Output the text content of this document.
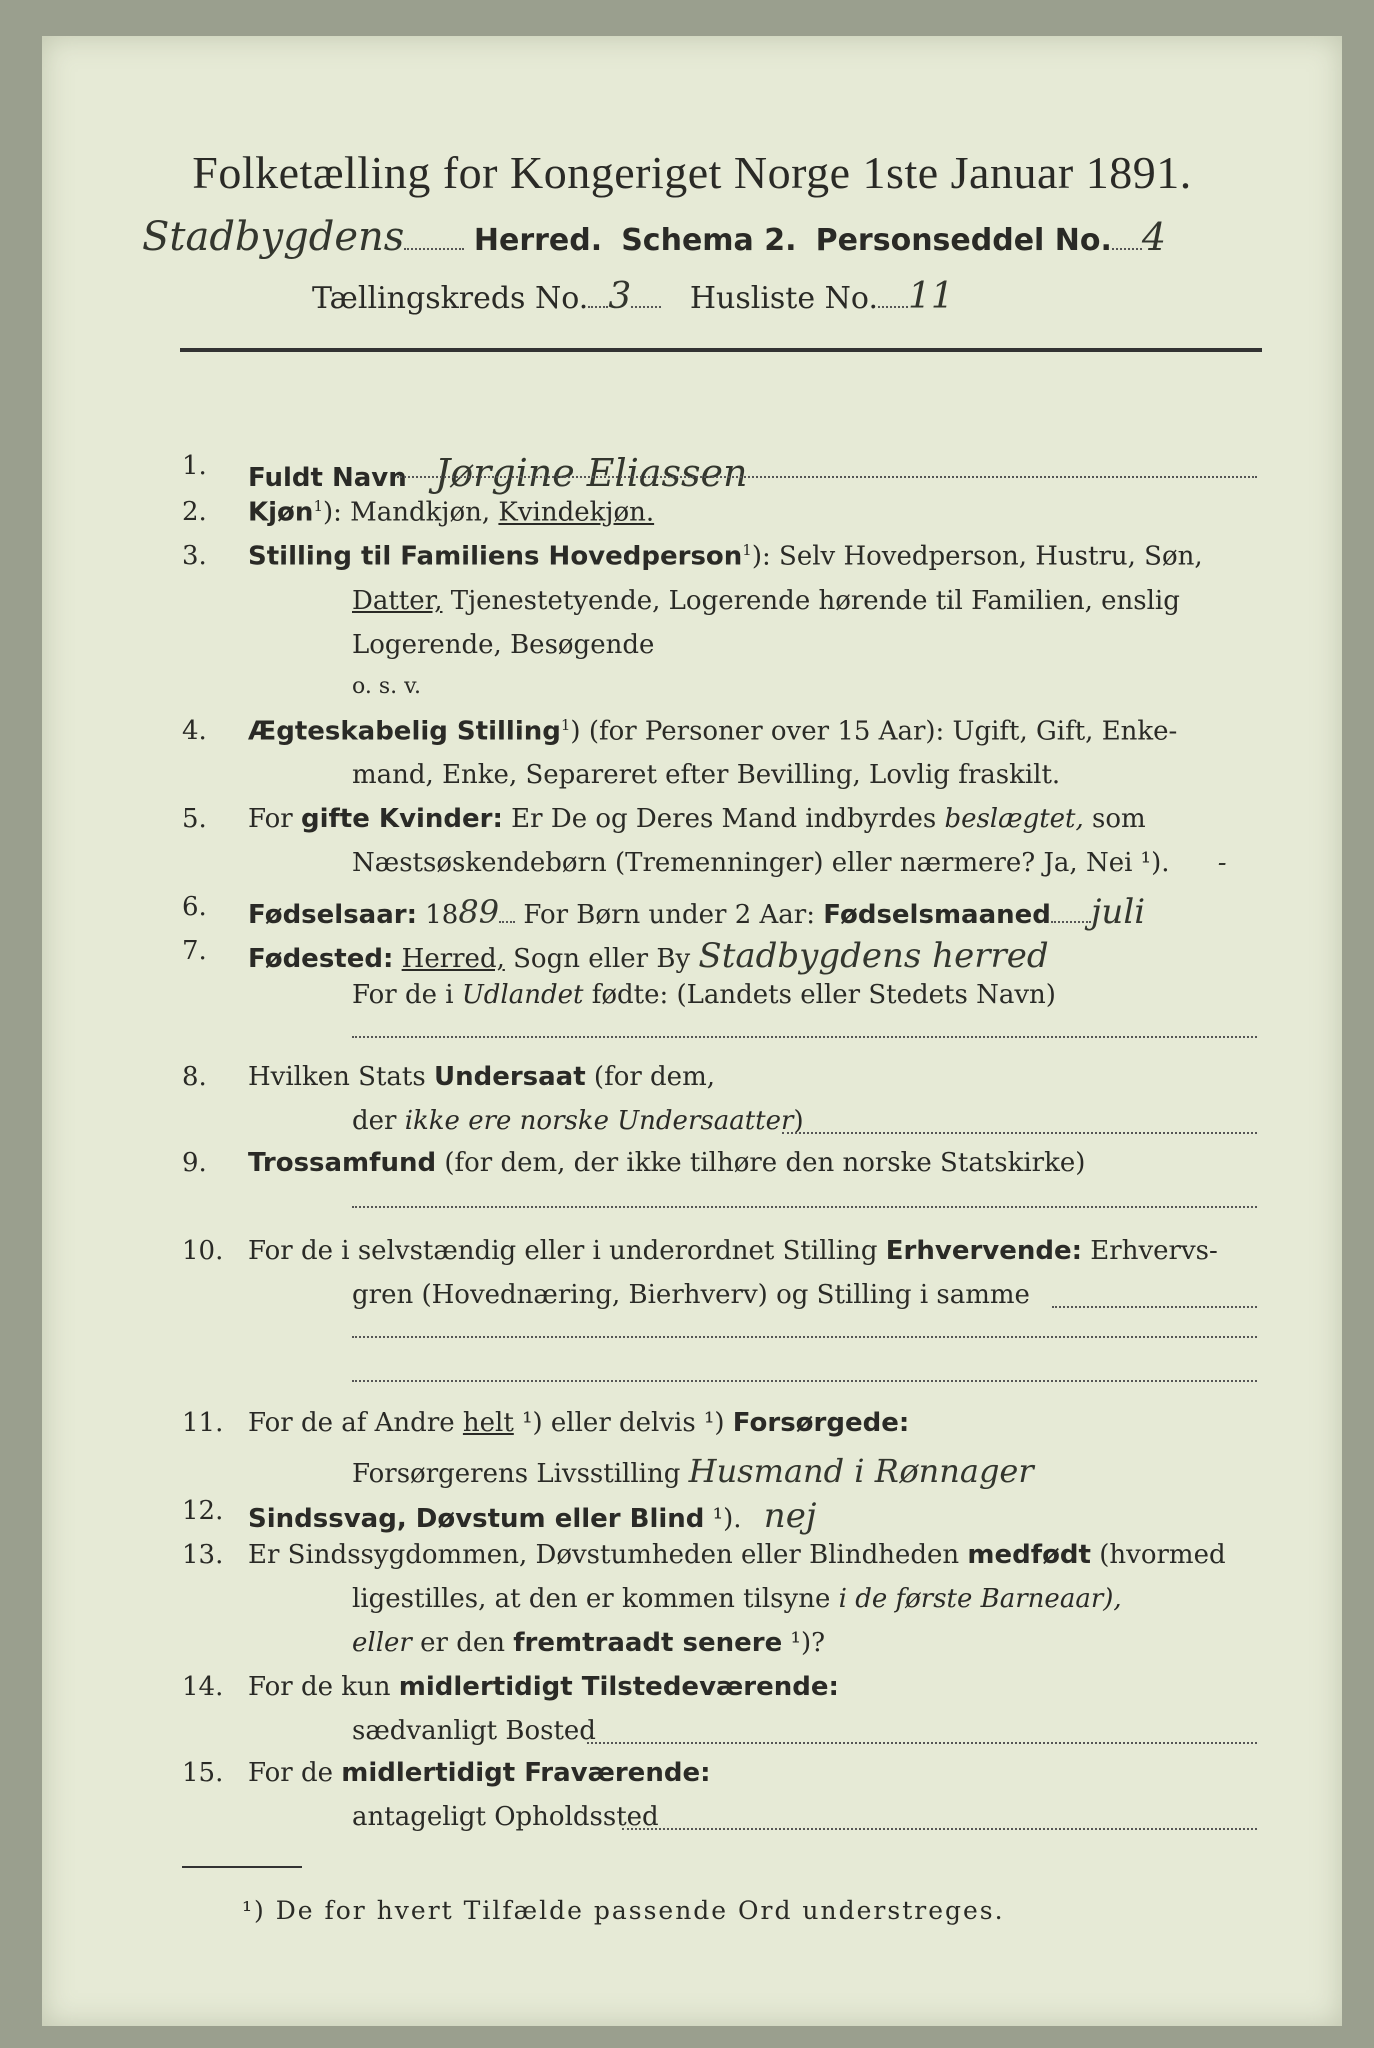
Folketælling for Kongeriget Norge 1ste Januar 1891.
Stadbygdens Herred. Schema 2. Personseddel No. 4
Tællingskreds No. 3 Husliste No. 11
1.	Fuldt Navn Jørgine Eliassen
2.	Kjøn$^1$): Mandkjøn, Kvindekjøn.
3.	Stilling til Familiens Hovedperson$^1$): Selv Hovedperson, Hustru, Søn,
Datter, Tjenestetyende, Logerende hørende til Familien, enslig
Logerende, Besøgende
o. s. v.
4.	Ægteskabelig Stilling$^1$) (for Personer over 15 Aar): Ugift, Gift, Enke-
mand, Enke, Separeret efter Bevilling, Lovlig fraskilt.
5.	For gifte Kvinder: Er De og Deres Mand indbyrdes beslægtet, som
Næstsøskendebørn (Tremenninger) eller nærmere? Ja, Nei ¹). -
6.	Fødselsaar: 1889 For Børn under 2 Aar: Fødselsmaaned juli
7.	Fødested: Herred, Sogn eller By Stadbygdens herred
For de i Udlandet fødte: (Landets eller Stedets Navn)
8.	Hvilken Stats Undersaat (for dem,
der ikke ere norske Undersaatter)
9.	Trossamfund (for dem, der ikke tilhøre den norske Statskirke)
10. For de i selvstændig eller i underordnet Stilling Erhvervende: Erhvervs-
gren (Hovednæring, Bierhverv) og Stilling i samme
11. For de af Andre helt ¹) eller delvis ¹) Forsørgede:
Forsørgerens Livsstilling Husmand i Rønnager
12. Sindssvag, Døvstum eller Blind ¹). nej
13. Er Sindssygdommen, Døvstumheden eller Blindheden medfødt (hvormed
ligestilles, at den er kommen tilsyne i de første Barneaar),
eller er den fremtraadt senere ¹)?
14. For de kun midlertidigt Tilstedeværende:
sædvanligt Bosted
15. For de midlertidigt Fraværende:
antageligt Opholdssted
¹) De for hvert Tilfælde passende Ord understreges.
